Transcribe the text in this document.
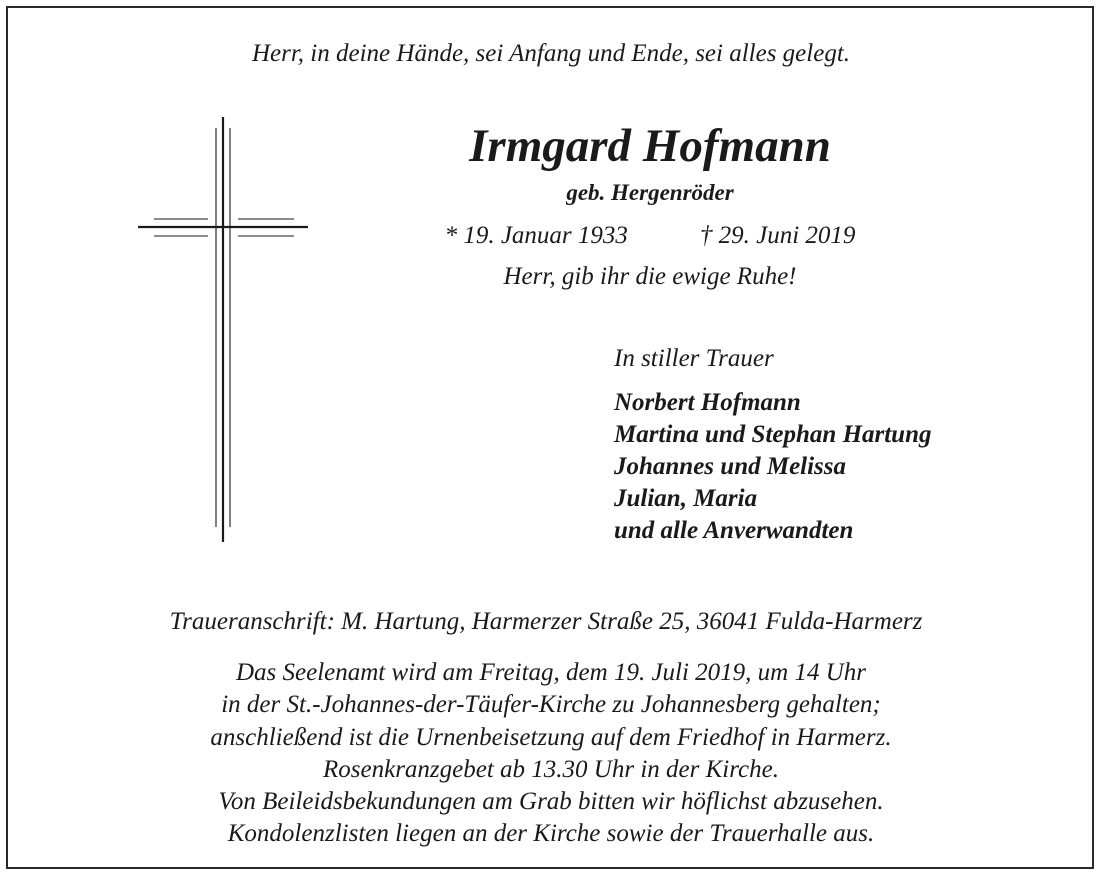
Herr, in deine Hände, sei Anfang und Ende, sei alles gelegt.
Irmgard Hofmann
geb. Hergenröder
* 19. Januar 1933	† 29. Juni 2019
Herr, gib ihr die ewige Ruhe!
In stiller Trauer
Norbert Hofmann
Martina und Stephan Hartung
Johannes und Melissa
Julian, Maria
und alle Anverwandten
Traueranschrift: M. Hartung, Harmerzer Straße 25, 36041 Fulda-Harmerz
Das Seelenamt wird am Freitag, dem 19. Juli 2019, um 14 Uhr
in der St.-Johannes-der-Täufer-Kirche zu Johannesberg gehalten;
anschließend ist die Urnenbeisetzung auf dem Friedhof in Harmerz.
Rosenkranzgebet ab 13.30 Uhr in der Kirche.
Von Beileidsbekundungen am Grab bitten wir höflichst abzusehen.
Kondolenzlisten liegen an der Kirche sowie der Trauerhalle aus.
